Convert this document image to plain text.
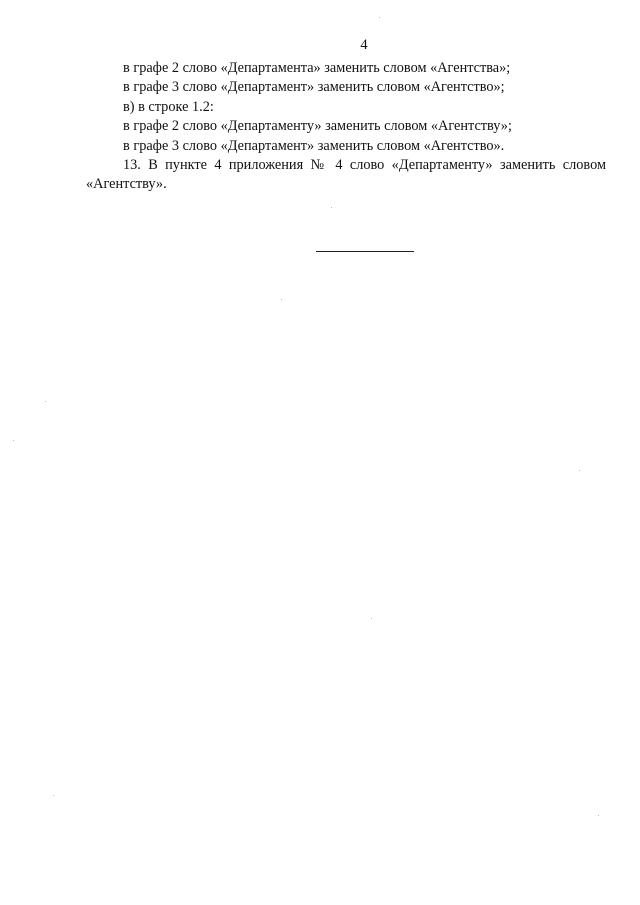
4

в графе 2 слово «Департамента» заменить словом «Агентства»;

в графе 3 слово «Департамент» заменить словом «Агентство»;

в) в строке 1.2:

в графе 2 слово «Департаменту» заменить словом «Агентству»;

в графе 3 слово «Департамент» заменить словом «Агентство».

13. В пункте 4 приложения № 4 слово «Департаменту» заменить словом «Агентству».
